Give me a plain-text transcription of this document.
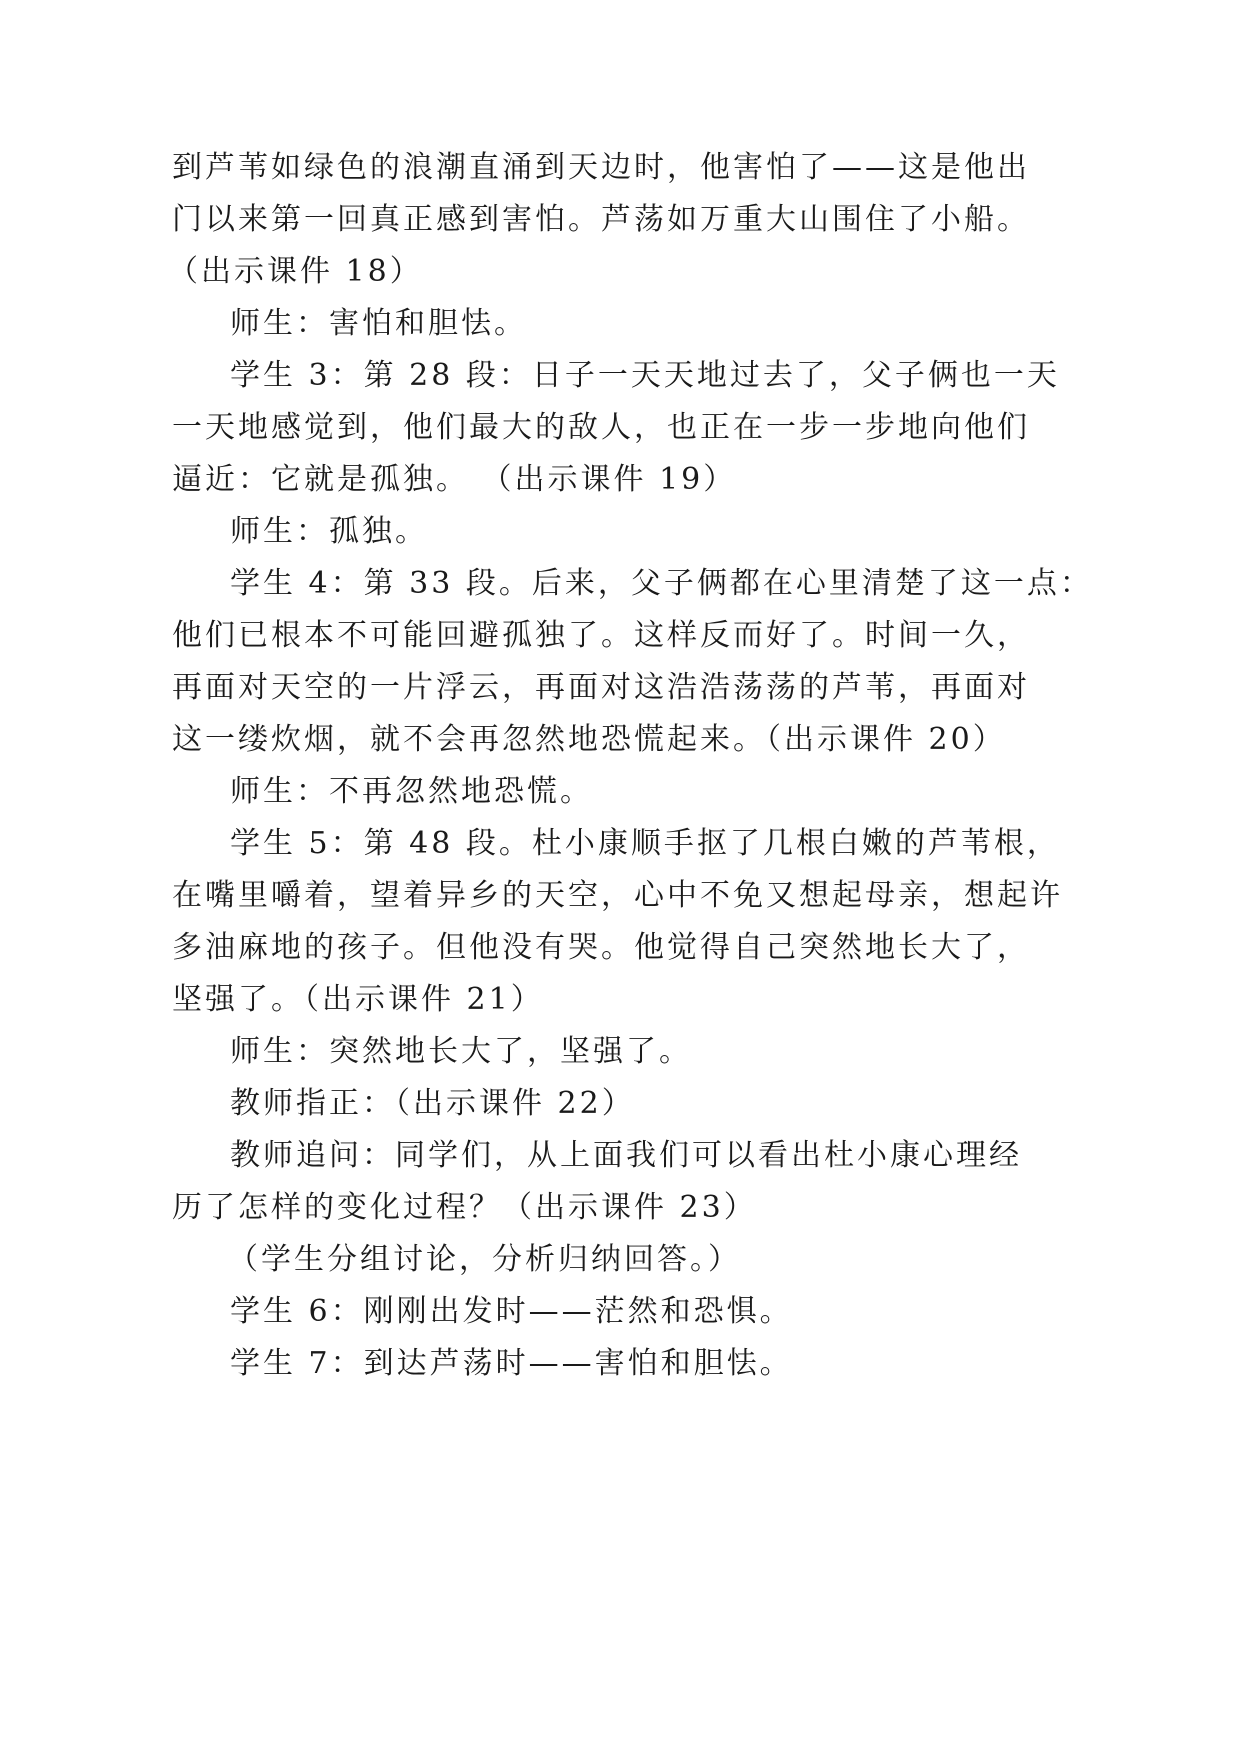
到芦苇如绿色的浪潮直涌到天边时，他害怕了——这是他出
门以来第一回真正感到害怕。芦荡如万重大山围住了小船。
（出示课件 18）
师生：害怕和胆怯。
学生 3：第 28 段：日子一天天地过去了，父子俩也一天
一天地感觉到，他们最大的敌人，也正在一步一步地向他们
逼近：它就是孤独。 （出示课件 19）
师生：孤独。
学生 4：第 33 段。后来，父子俩都在心里清楚了这一点：
他们已根本不可能回避孤独了。这样反而好了。时间一久，
再面对天空的一片浮云，再面对这浩浩荡荡的芦苇，再面对
这一缕炊烟，就不会再忽然地恐慌起来。（出示课件 20）
师生：不再忽然地恐慌。
学生 5：第 48 段。杜小康顺手抠了几根白嫩的芦苇根，
在嘴里嚼着，望着异乡的天空，心中不免又想起母亲，想起许
多油麻地的孩子。但他没有哭。他觉得自己突然地长大了，
坚强了。（出示课件 21）
师生：突然地长大了，坚强了。
教师指正：（出示课件 22）
教师追问：同学们，从上面我们可以看出杜小康心理经
历了怎样的变化过程？（出示课件 23）
（学生分组讨论，分析归纳回答。）
学生 6：刚刚出发时——茫然和恐惧。
学生 7：到达芦荡时——害怕和胆怯。
